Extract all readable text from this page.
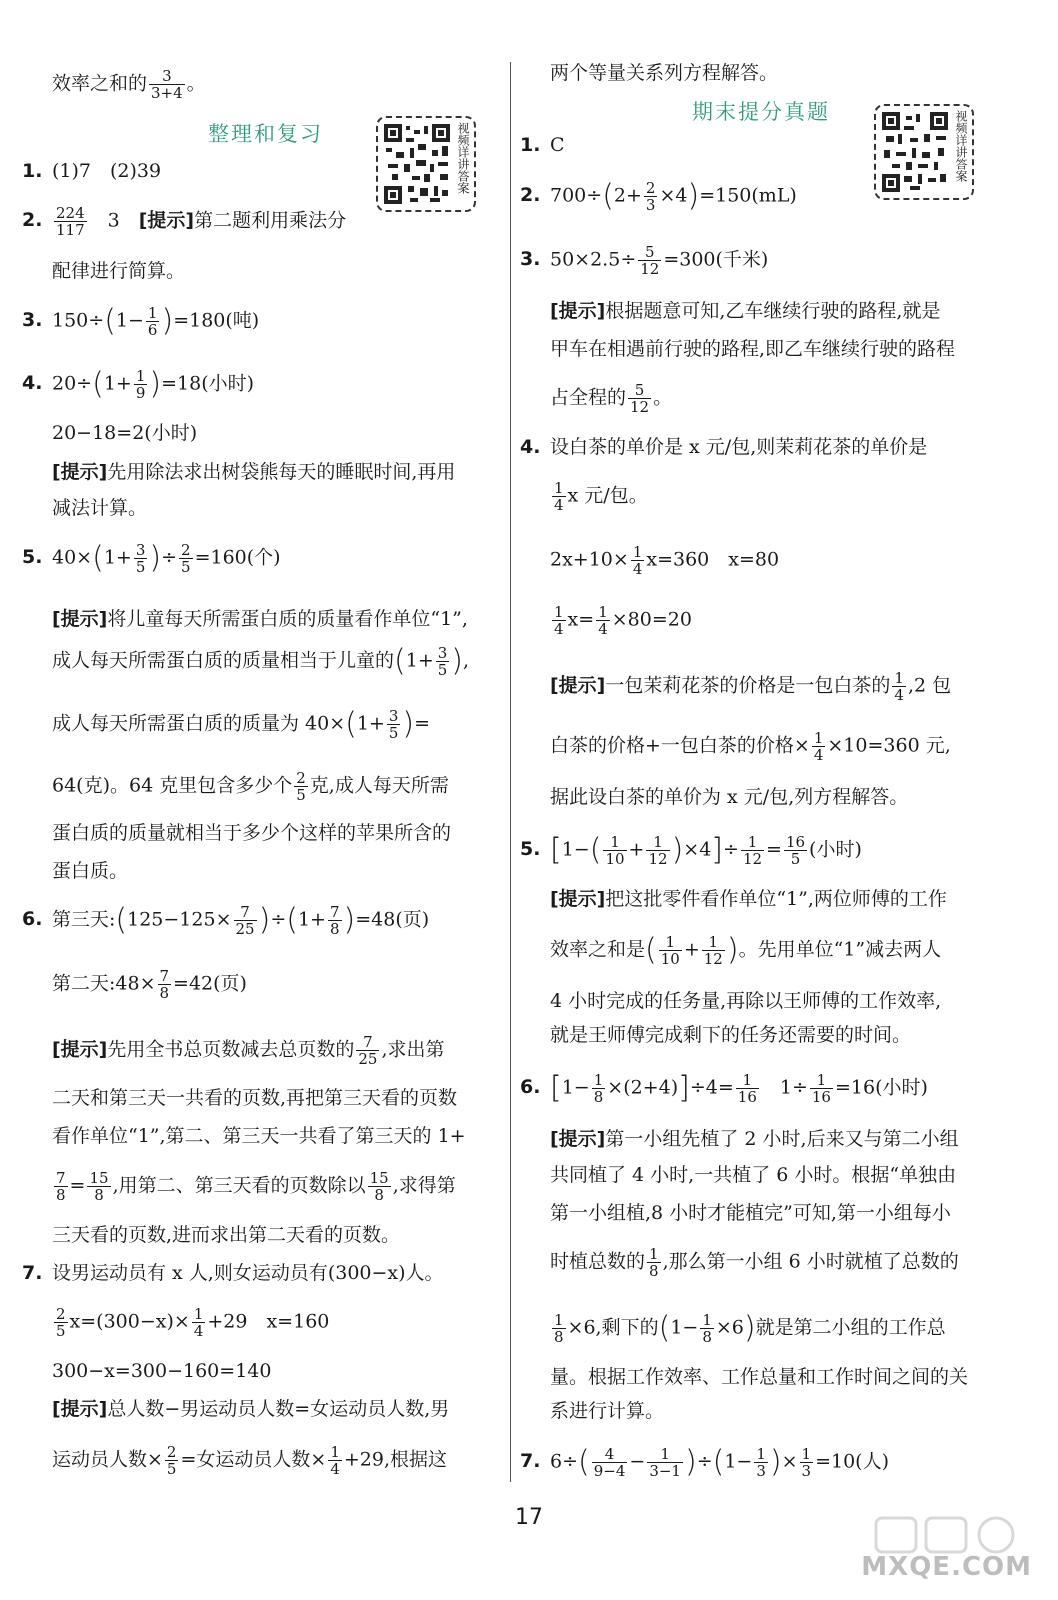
效率之和的 $\frac{3}{3+4}$ 。
整理和复习	视频详讲答案
1. (1)7　(2)39
2. $\frac{224}{117}$ 　3　[提示]第二题利用乘法分
配律进行简算。
3. $150\div(1- \frac{1}{6} )=180$(吨)
4. $20\div(1+ \frac{1}{9} )=18$(小时)
20−18=2(小时)
[提示]先用除法求出树袋熊每天的睡眠时间,再用
减法计算。
5. $40\times(1+ \frac{3}{5}$ )÷ $\frac{2}{5} =160$(个)
[提示]将儿童每天所需蛋白质的质量看作单位“1”,
成人每天所需蛋白质的质量相当于儿童的($1+ \frac{3}{5}$ ),
成人每天所需蛋白质的质量为 $40\times(1+ \frac{3}{5}$ )=
64(克)。64 克里包含多少个 $\frac{2}{5}$ 克,成人每天所需
蛋白质的质量就相当于多少个这样的苹果所含的
蛋白质。
6. 第三天:(125−125× $\frac{7}{25} )\div(1+ \frac{7}{8} )=48$(页)
第二天:48× $\frac{7}{8} =42$(页)
[提示]先用全书总页数减去总页数的 $\frac{7}{25}$ ,求出第
二天和第三天一共看的页数,再把第三天看的页数
看作单位“1”,第二、第三天一共看了第三天的 1+
$\frac{7}{8} = \frac{15}{8}$ ,用第二、第三天看的页数除以 $\frac{15}{8}$ ,求得第
三天看的页数,进而求出第二天看的页数。
7. 设男运动员有 x 人,则女运动员有(300−x)人。
$\frac{2}{5} x=(300-x)\times \frac{1}{4} +29$　x=160
300−x=300−160=140
[提示]总人数−男运动员人数=女运动员人数,男
运动员人数× $\frac{2}{5}$ =女运动员人数× $\frac{1}{4} +29$,根据这
两个等量关系列方程解答。
期末提分真题	视频详讲答案
1. C
2. $700\div(2+ \frac{2}{3} \times 4)=150(mL)$
3. $50\times 2.5\div \frac{5}{12} =300$(千米)
[提示]根据题意可知,乙车继续行驶的路程,就是
甲车在相遇前行驶的路程,即乙车继续行驶的路程
占全程的 $\frac{5}{12}$ 。
4. 设白茶的单价是 x 元/包,则茉莉花茶的单价是
$\frac{1}{4}$ x 元/包。
$2x+10\times \frac{1}{4} x=360$　x=80
$\frac{1}{4} x= \frac{1}{4} \times 80=20$
[提示]一包茉莉花茶的价格是一包白茶的 $\frac{1}{4} ,2$ 包
白茶的价格+一包白茶的价格× $\frac{1}{4} \times 10=360$ 元,
据此设白茶的单价为 x 元/包,列方程解答。
5. $[1-( \frac{1}{10} + \frac{1}{12} )\times 4]\div \frac{1}{12} = \frac{16}{5}$ (小时)
[提示]把这批零件看作单位“1”,两位师傅的工作
效率之和是( $\frac{1}{10} + \frac{1}{12}$ )。先用单位“1”减去两人
4 小时完成的任务量,再除以王师傅的工作效率,
就是王师傅完成剩下的任务还需要的时间。
6. $[1- \frac{1}{8} \times(2+4)]\div 4= \frac{1}{16}$ 　$1\div \frac{1}{16} =16$(小时)
[提示]第一小组先植了 2 小时,后来又与第二小组
共同植了 4 小时,一共植了 6 小时。根据“单独由
第一小组植,8 小时才能植完”可知,第一小组每小
时植总数的 $\frac{1}{8}$ ,那么第一小组 6 小时就植了总数的
$\frac{1}{8} \times 6$,剩下的$(1- \frac{1}{8} \times 6)$就是第二小组的工作总
量。根据工作效率、工作总量和工作时间之间的关
系进行计算。
7. $6\div( \frac{4}{9-4} - \frac{1}{3-1} )\div(1- \frac{1}{3}$ )× $\frac{1}{3} =10$(人)
17
MXQE.COM
